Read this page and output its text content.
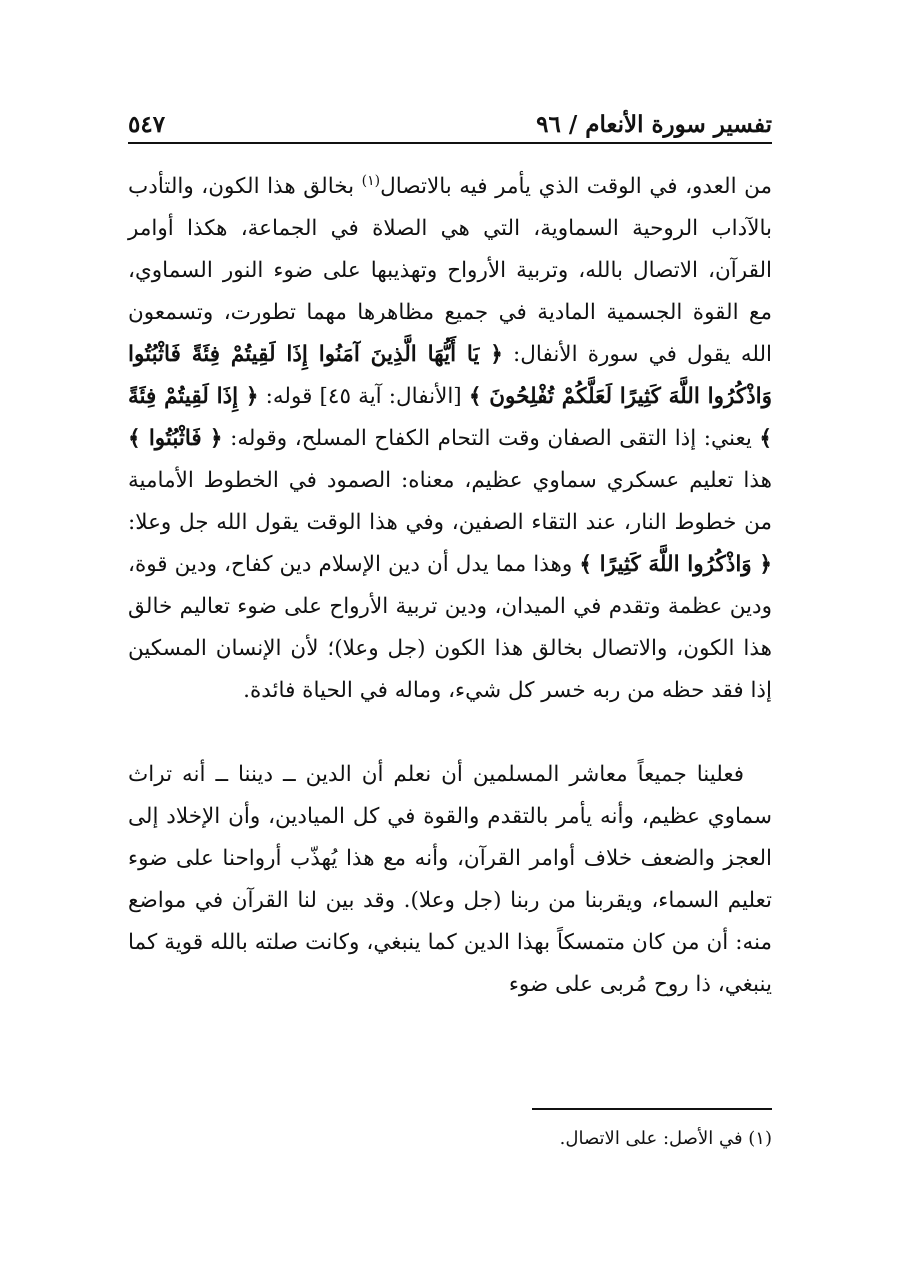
تفسير سورة الأنعام / ٩٦
٥٤٧

من العدو، في الوقت الذي يأمر فيه بالاتصال$^{(١)}$ بخالق هذا الكون، والتأدب بالآداب الروحية السماوية، التي هي الصلاة في الجماعة، هكذا أوامر القرآن، الاتصال بالله، وتربية الأرواح وتهذيبها على ضوء النور السماوي، مع القوة الجسمية المادية في جميع مظاهرها مهما تطورت، وتسمعون الله يقول في سورة الأنفال: ﴿ يَا أَيُّهَا الَّذِينَ آمَنُوا إِذَا لَقِيتُمْ فِئَةً فَاثْبُتُوا وَاذْكُرُوا اللَّهَ كَثِيرًا لَعَلَّكُمْ تُفْلِحُونَ ﴾ [الأنفال: آية ٤٥] قوله: ﴿ إِذَا لَقِيتُمْ فِئَةً ﴾ يعني: إذا التقى الصفان وقت التحام الكفاح المسلح، وقوله: ﴿ فَاثْبُتُوا ﴾ هذا تعليم عسكري سماوي عظيم، معناه: الصمود في الخطوط الأمامية من خطوط النار، عند التقاء الصفين، وفي هذا الوقت يقول الله جل وعلا: ﴿ وَاذْكُرُوا اللَّهَ كَثِيرًا ﴾ وهذا مما يدل أن دين الإسلام دين كفاح، ودين قوة، ودين عظمة وتقدم في الميدان، ودين تربية الأرواح على ضوء تعاليم خالق هذا الكون، والاتصال بخالق هذا الكون (جل وعلا)؛ لأن الإنسان المسكين إذا فقد حظه من ربه خسر كل شيء، وماله في الحياة فائدة.

فعلينا جميعاً معاشر المسلمين أن نعلم أن الدين ــ ديننا ــ أنه تراث سماوي عظيم، وأنه يأمر بالتقدم والقوة في كل الميادين، وأن الإخلاد إلى العجز والضعف خلاف أوامر القرآن، وأنه مع هذا يُهذّب أرواحنا على ضوء تعليم السماء، ويقربنا من ربنا (جل وعلا). وقد بين لنا القرآن في مواضع منه: أن من كان متمسكاً بهذا الدين كما ينبغي، وكانت صلته بالله قوية كما ينبغي، ذا روح مُربى على ضوء

(١) في الأصل: على الاتصال.
